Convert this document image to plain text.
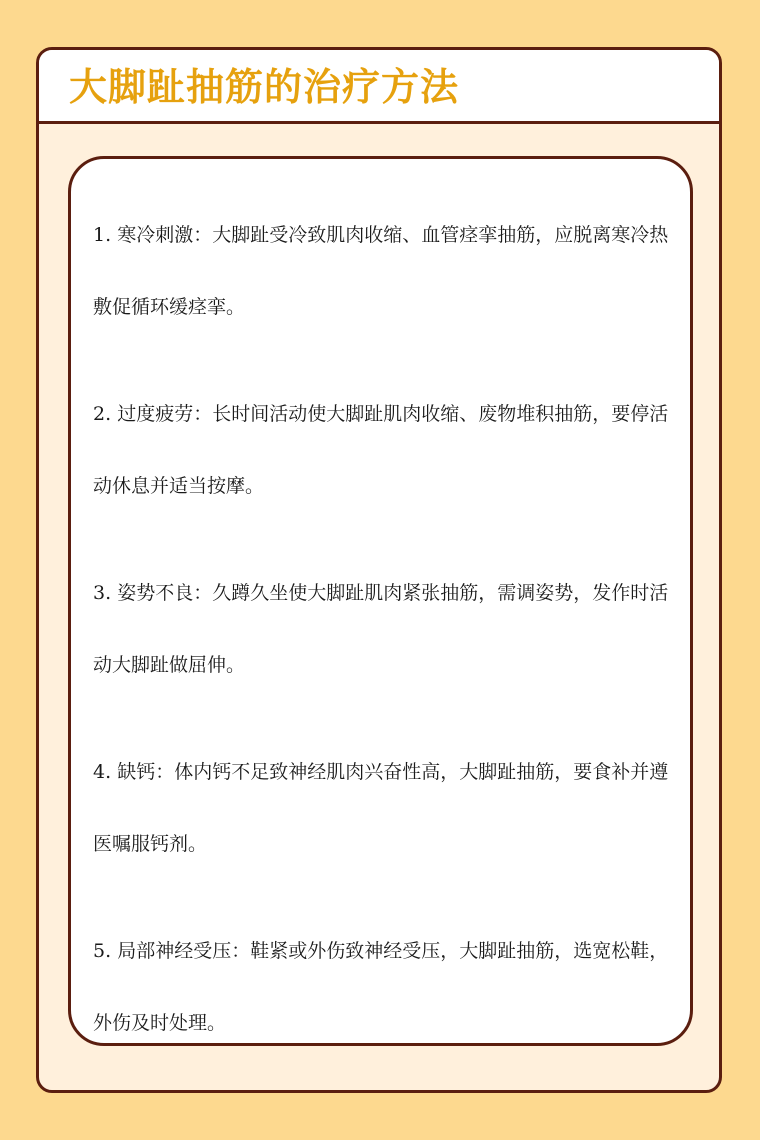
大脚趾抽筋的治疗方法

1. 寒冷刺激：大脚趾受冷致肌肉收缩、血管痉挛抽筋，应脱离寒冷热敷促循环缓痉挛。

2. 过度疲劳：长时间活动使大脚趾肌肉收缩、废物堆积抽筋，要停活动休息并适当按摩。

3. 姿势不良：久蹲久坐使大脚趾肌肉紧张抽筋，需调姿势，发作时活动大脚趾做屈伸。

4. 缺钙：体内钙不足致神经肌肉兴奋性高，大脚趾抽筋，要食补并遵医嘱服钙剂。

5. 局部神经受压：鞋紧或外伤致神经受压，大脚趾抽筋，选宽松鞋，外伤及时处理。
